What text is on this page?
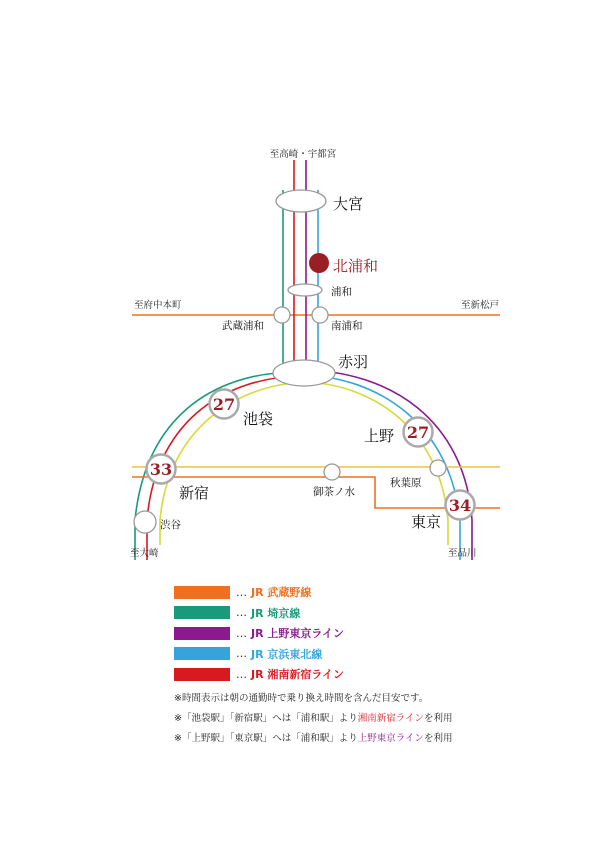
27
27
33
34
至高崎・宇都宮
至府中本町	至新松戸
至大崎	至品川
大宮
北浦和
浦和
武蔵浦和	南浦和
赤羽
池袋
上野
新宿	御茶ノ水
秋葉原
東京
渋谷
… JR 武蔵野線
… JR 埼京線
… JR 上野東京ライン
… JR 京浜東北線
… JR 湘南新宿ライン
※時間表示は朝の通勤時で乗り換え時間を含んだ目安です。
※「池袋駅」「新宿駅」へは「浦和駅」より湘南新宿ラインを利用
※「上野駅」「東京駅」へは「浦和駅」より上野東京ラインを利用
